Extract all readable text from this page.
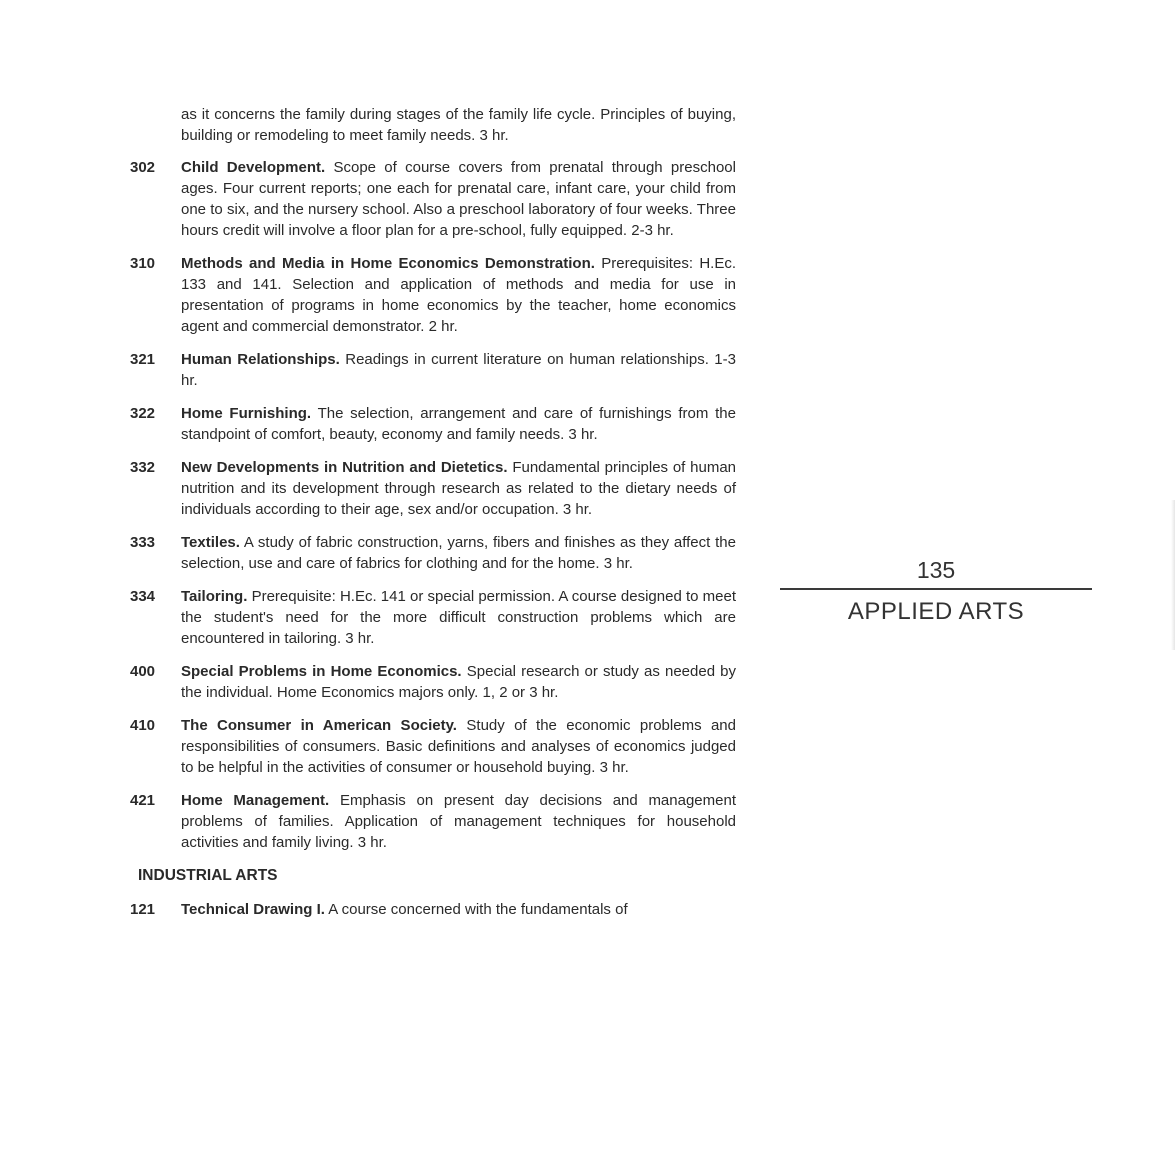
as it concerns the family during stages of the family life cycle. Principles of buying, building or remodeling to meet family needs. 3 hr.

302	Child Development. Scope of course covers from prenatal through preschool ages. Four current reports; one each for prenatal care, infant care, your child from one to six, and the nursery school. Also a preschool laboratory of four weeks. Three hours credit will involve a floor plan for a pre-school, fully equipped. 2-3 hr.
310	Methods and Media in Home Economics Demonstration. Prerequisites: H.Ec. 133 and 141. Selection and application of methods and media for use in presentation of programs in home economics by the teacher, home economics agent and commercial demonstrator. 2 hr.
321	Human Relationships. Readings in current literature on human relationships. 1-3 hr.
322	Home Furnishing. The selection, arrangement and care of furnishings from the standpoint of comfort, beauty, economy and family needs. 3 hr.
332	New Developments in Nutrition and Dietetics. Fundamental principles of human nutrition and its development through research as related to the dietary needs of individuals according to their age, sex and/or occupation. 3 hr.
333	Textiles. A study of fabric construction, yarns, fibers and finishes as they affect the selection, use and care of fabrics for clothing and for the home. 3 hr.
334	Tailoring. Prerequisite: H.Ec. 141 or special permission. A course designed to meet the student's need for the more difficult construction problems which are encountered in tailoring. 3 hr.
400	Special Problems in Home Economics. Special research or study as needed by the individual. Home Economics majors only. 1, 2 or 3 hr.
410	The Consumer in American Society. Study of the economic problems and responsibilities of consumers. Basic definitions and analyses of economics judged to be helpful in the activities of consumer or household buying. 3 hr.
421	Home Management. Emphasis on present day decisions and management problems of families. Application of management techniques for household activities and family living. 3 hr.
INDUSTRIAL ARTS
121	Technical Drawing I. A course concerned with the fundamentals of
135
APPLIED ARTS
